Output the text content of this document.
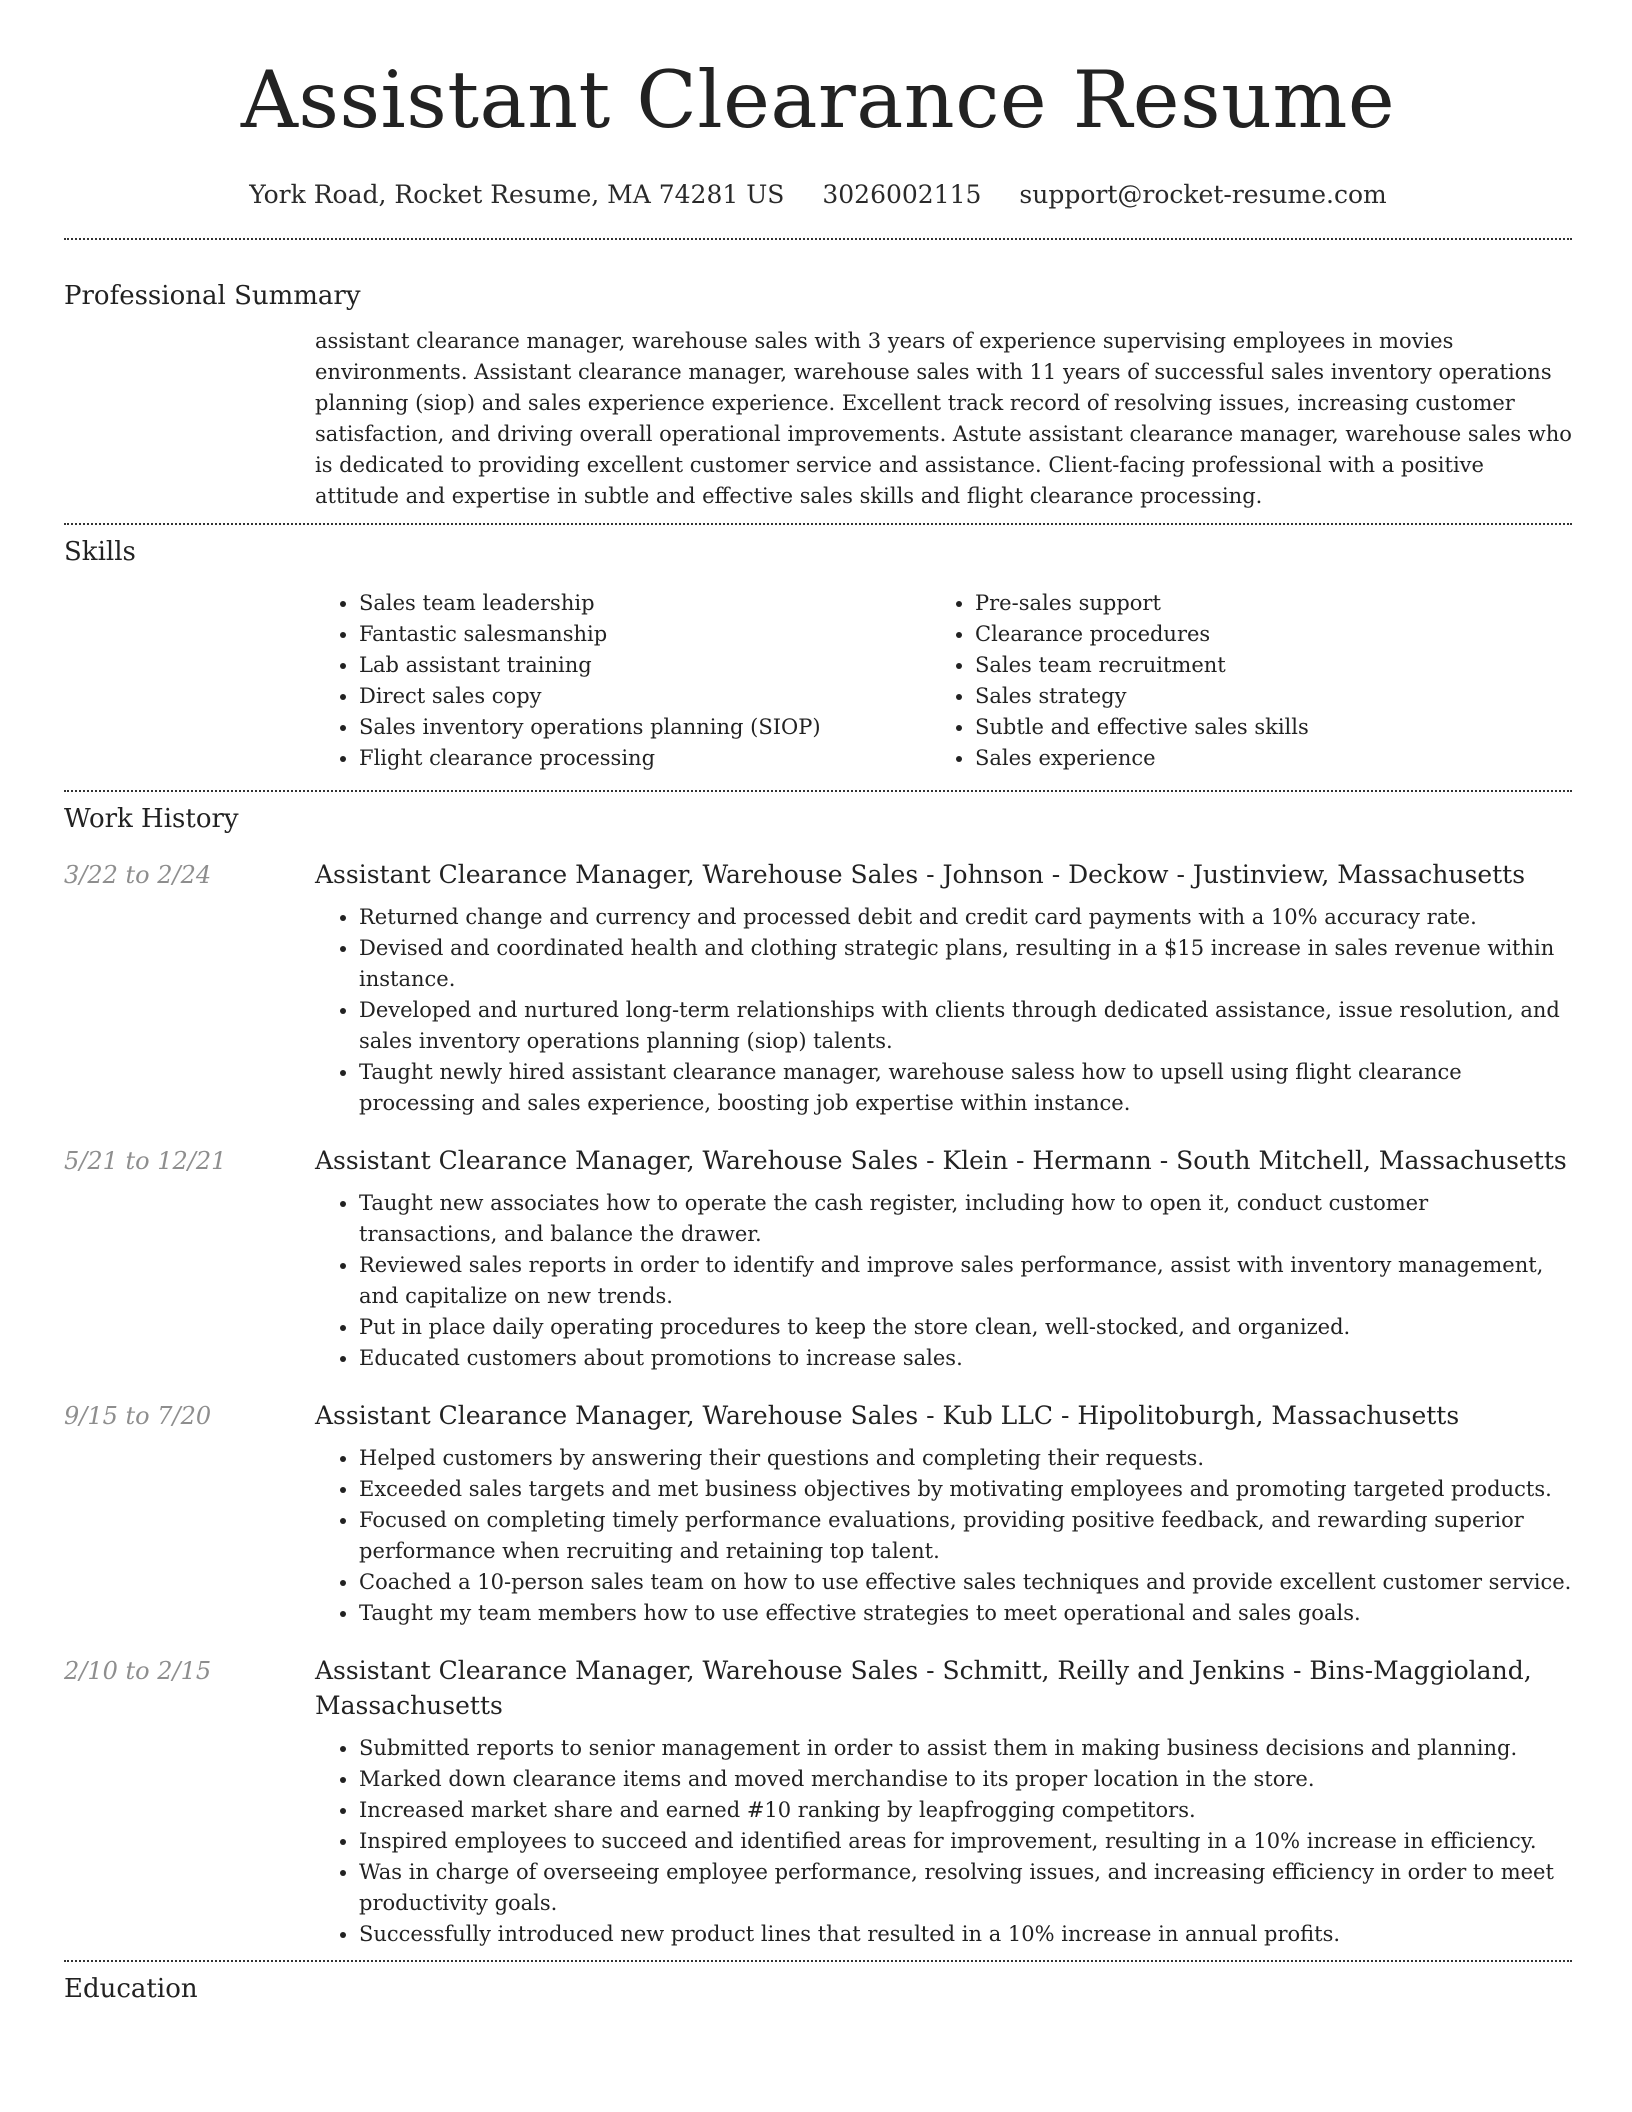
Assistant Clearance Resume
York Road, Rocket Resume, MA 74281 US 3026002115 support@rocket-resume.com
Professional Summary
assistant clearance manager, warehouse sales with 3 years of experience supervising employees in movies environments. Assistant clearance manager, warehouse sales with 11 years of successful sales inventory operations planning (siop) and sales experience experience. Excellent track record of resolving issues, increasing customer satisfaction, and driving overall operational improvements. Astute assistant clearance manager, warehouse sales who is dedicated to providing excellent customer service and assistance. Client-facing professional with a positive attitude and expertise in subtle and effective sales skills and flight clearance processing.
Skills
• Sales team leadership
• Fantastic salesmanship
• Lab assistant training
• Direct sales copy
• Sales inventory operations planning (SIOP)
• Flight clearance processing
• Pre-sales support
• Clearance procedures
• Sales team recruitment
• Sales strategy
• Subtle and effective sales skills
• Sales experience
Work History
3/22 to 2/24	Assistant Clearance Manager, Warehouse Sales - Johnson - Deckow - Justinview, Massachusetts
• Returned change and currency and processed debit and credit card payments with a 10% accuracy rate.
• Devised and coordinated health and clothing strategic plans, resulting in a $15 increase in sales revenue within instance.
• Developed and nurtured long-term relationships with clients through dedicated assistance, issue resolution, and sales inventory operations planning (siop) talents.
• Taught newly hired assistant clearance manager, warehouse saless how to upsell using flight clearance processing and sales experience, boosting job expertise within instance.
5/21 to 12/21	Assistant Clearance Manager, Warehouse Sales - Klein - Hermann - South Mitchell, Massachusetts
• Taught new associates how to operate the cash register, including how to open it, conduct customer transactions, and balance the drawer.
• Reviewed sales reports in order to identify and improve sales performance, assist with inventory management, and capitalize on new trends.
• Put in place daily operating procedures to keep the store clean, well-stocked, and organized.
• Educated customers about promotions to increase sales.
9/15 to 7/20	Assistant Clearance Manager, Warehouse Sales - Kub LLC - Hipolitoburgh, Massachusetts
• Helped customers by answering their questions and completing their requests.
• Exceeded sales targets and met business objectives by motivating employees and promoting targeted products.
• Focused on completing timely performance evaluations, providing positive feedback, and rewarding superior performance when recruiting and retaining top talent.
• Coached a 10-person sales team on how to use effective sales techniques and provide excellent customer service.
• Taught my team members how to use effective strategies to meet operational and sales goals.
2/10 to 2/15	Assistant Clearance Manager, Warehouse Sales - Schmitt, Reilly and Jenkins - Bins-Maggioland, Massachusetts
• Submitted reports to senior management in order to assist them in making business decisions and planning.
• Marked down clearance items and moved merchandise to its proper location in the store.
• Increased market share and earned #10 ranking by leapfrogging competitors.
• Inspired employees to succeed and identified areas for improvement, resulting in a 10% increase in efficiency.
• Was in charge of overseeing employee performance, resolving issues, and increasing efficiency in order to meet productivity goals.
• Successfully introduced new product lines that resulted in a 10% increase in annual profits.
Education
